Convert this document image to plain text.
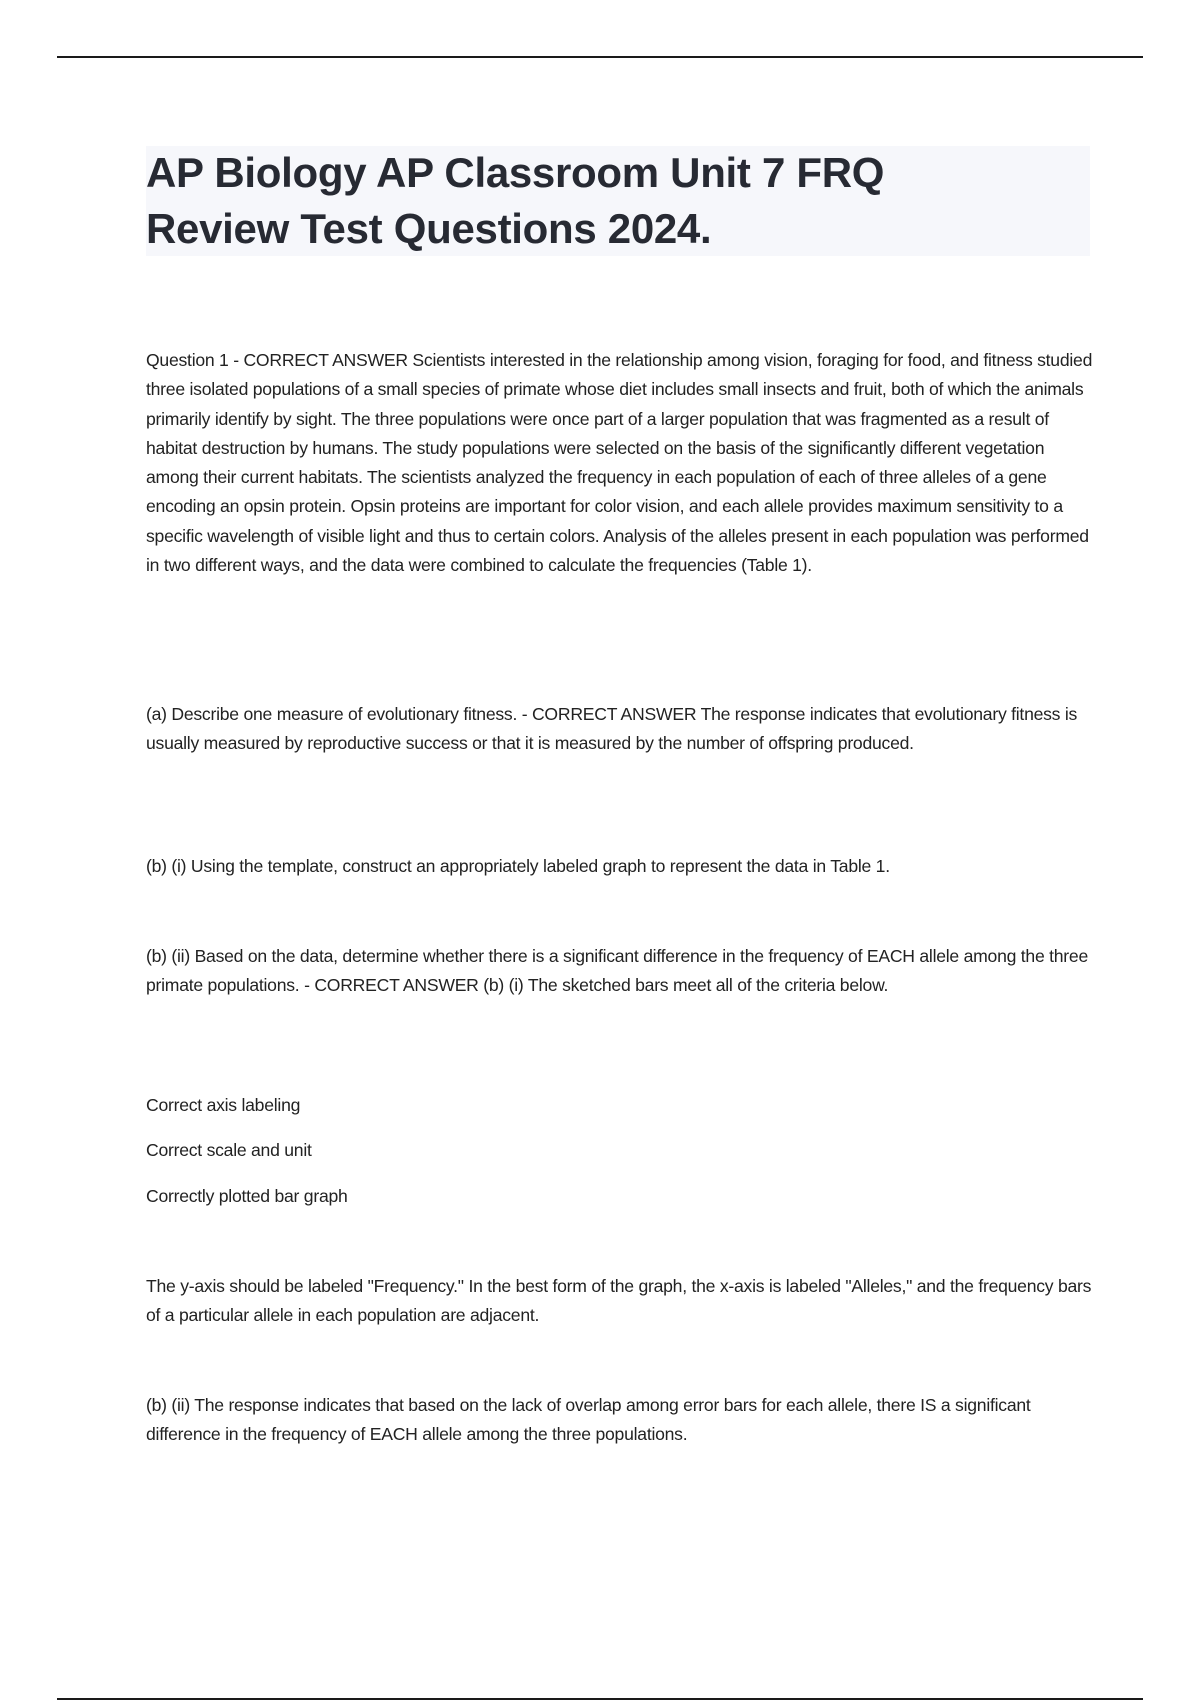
AP Biology AP Classroom Unit 7 FRQ
Review Test Questions 2024.

Question 1 - CORRECT ANSWER Scientists interested in the relationship among vision, foraging for food, and fitness studied three isolated populations of a small species of primate whose diet includes small insects and fruit, both of which the animals primarily identify by sight. The three populations were once part of a larger population that was fragmented as a result of habitat destruction by humans. The study populations were selected on the basis of the significantly different vegetation among their current habitats. The scientists analyzed the frequency in each population of each of three alleles of a gene encoding an opsin protein. Opsin proteins are important for color vision, and each allele provides maximum sensitivity to a specific wavelength of visible light and thus to certain colors. Analysis of the alleles present in each population was performed in two different ways, and the data were combined to calculate the frequencies (Table 1).

(a) Describe one measure of evolutionary fitness. - CORRECT ANSWER The response indicates that evolutionary fitness is usually measured by reproductive success or that it is measured by the number of offspring produced.

(b) (i) Using the template, construct an appropriately labeled graph to represent the data in Table 1.

(b) (ii) Based on the data, determine whether there is a significant difference in the frequency of EACH allele among the three primate populations. - CORRECT ANSWER (b) (i) The sketched bars meet all of the criteria below.

Correct axis labeling

Correct scale and unit

Correctly plotted bar graph

The y-axis should be labeled "Frequency." In the best form of the graph, the x-axis is labeled "Alleles," and the frequency bars of a particular allele in each population are adjacent.

(b) (ii) The response indicates that based on the lack of overlap among error bars for each allele, there IS a significant difference in the frequency of EACH allele among the three populations.
